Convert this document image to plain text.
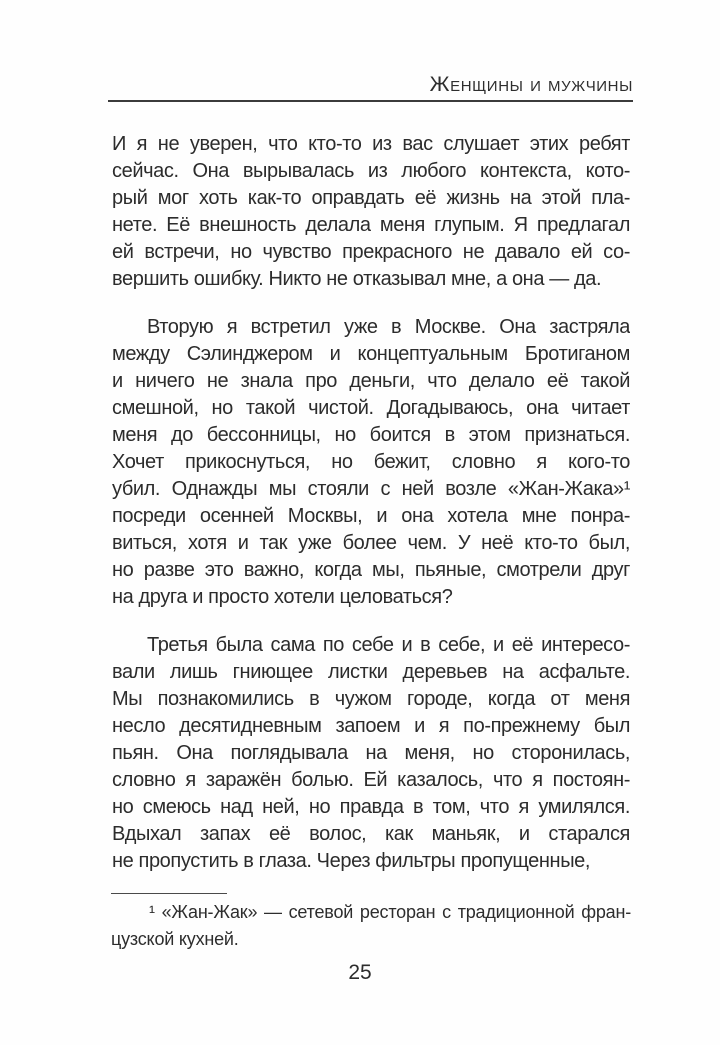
Женщины и мужчины
И я не уверен, что кто-то из вас слушает этих ребят
сейчас. Она вырывалась из любого контекста, кото-
рый мог хоть как-то оправдать её жизнь на этой пла-
нете. Её внешность делала меня глупым. Я предлагал
ей встречи, но чувство прекрасного не давало ей со-
вершить ошибку. Никто не отказывал мне, а она — да.
Вторую я встретил уже в Москве. Она застряла
между Сэлинджером и концептуальным Бротиганом
и ничего не знала про деньги, что делало её такой
смешной, но такой чистой. Догадываюсь, она читает
меня до бессонницы, но боится в этом признаться.
Хочет прикоснуться, но бежит, словно я кого-то
убил. Однажды мы стояли с ней возле «Жан-Жака»¹
посреди осенней Москвы, и она хотела мне понра-
виться, хотя и так уже более чем. У неё кто-то был,
но разве это важно, когда мы, пьяные, смотрели друг
на друга и просто хотели целоваться?
Третья была сама по себе и в себе, и её интересо-
вали лишь гниющее листки деревьев на асфальте.
Мы познакомились в чужом городе, когда от меня
несло десятидневным запоем и я по-прежнему был
пьян. Она поглядывала на меня, но сторонилась,
словно я заражён болью. Ей казалось, что я постоян-
но смеюсь над ней, но правда в том, что я умилялся.
Вдыхал запах её волос, как маньяк, и старался
не пропустить в глаза. Через фильтры пропущенные,
¹ «Жан-Жак» — сетевой ресторан с традиционной фран-
цузской кухней.
25
